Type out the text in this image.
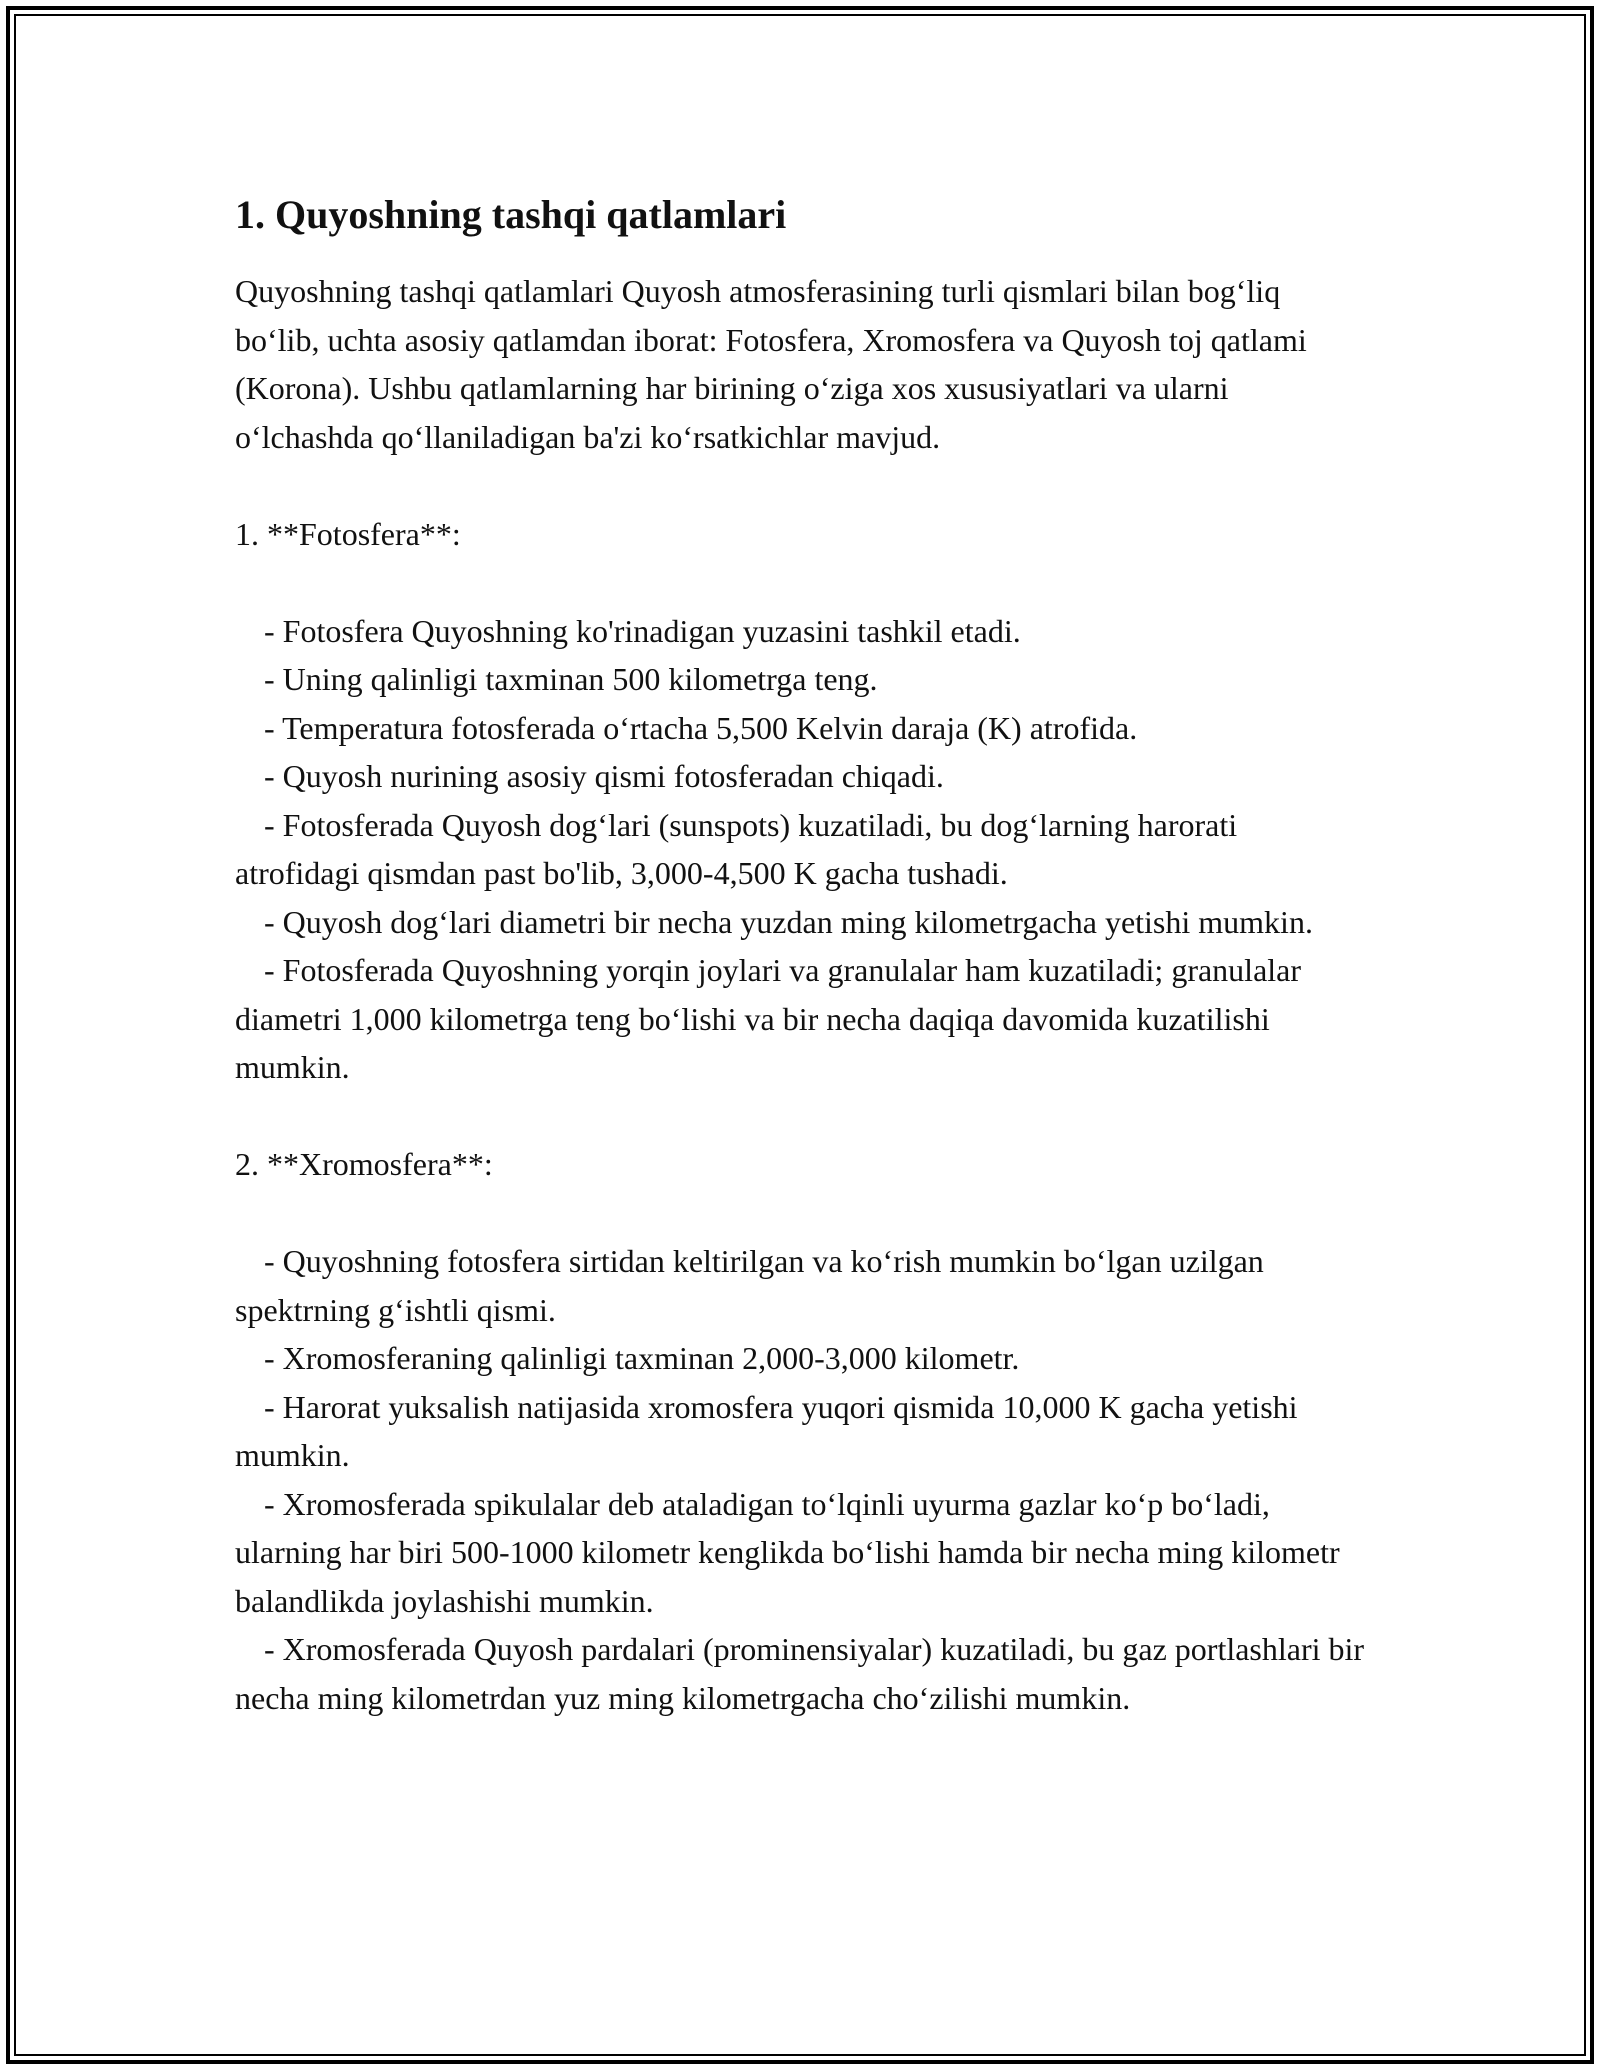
1. Quyoshning tashqi qatlamlari

Quyoshning tashqi qatlamlari Quyosh atmosferasining turli qismlari bilan bog‘liq bo‘lib, uchta asosiy qatlamdan iborat: Fotosfera, Xromosfera va Quyosh toj qatlami (Korona). Ushbu qatlamlarning har birining o‘ziga xos xususiyatlari va ularni o‘lchashda qo‘llaniladigan ba'zi ko‘rsatkichlar mavjud.

1. **Fotosfera**:

- Fotosfera Quyoshning ko'rinadigan yuzasini tashkil etadi.

- Uning qalinligi taxminan 500 kilometrga teng.

- Temperatura fotosferada o‘rtacha 5,500 Kelvin daraja (K) atrofida.

- Quyosh nurining asosiy qismi fotosferadan chiqadi.

- Fotosferada Quyosh dog‘lari (sunspots) kuzatiladi, bu dog‘larning harorati atrofidagi qismdan past bo'lib, 3,000-4,500 K gacha tushadi.

- Quyosh dog‘lari diametri bir necha yuzdan ming kilometrgacha yetishi mumkin.

- Fotosferada Quyoshning yorqin joylari va granulalar ham kuzatiladi; granulalar diametri 1,000 kilometrga teng bo‘lishi va bir necha daqiqa davomida kuzatilishi mumkin.

2. **Xromosfera**:

- Quyoshning fotosfera sirtidan keltirilgan va ko‘rish mumkin bo‘lgan uzilgan spektrning g‘ishtli qismi.

- Xromosferaning qalinligi taxminan 2,000-3,000 kilometr.

- Harorat yuksalish natijasida xromosfera yuqori qismida 10,000 K gacha yetishi mumkin.

- Xromosferada spikulalar deb ataladigan to‘lqinli uyurma gazlar ko‘p bo‘ladi, ularning har biri 500-1000 kilometr kenglikda bo‘lishi hamda bir necha ming kilometr balandlikda joylashishi mumkin.

- Xromosferada Quyosh pardalari (prominensiyalar) kuzatiladi, bu gaz portlashlari bir necha ming kilometrdan yuz ming kilometrgacha cho‘zilishi mumkin.
